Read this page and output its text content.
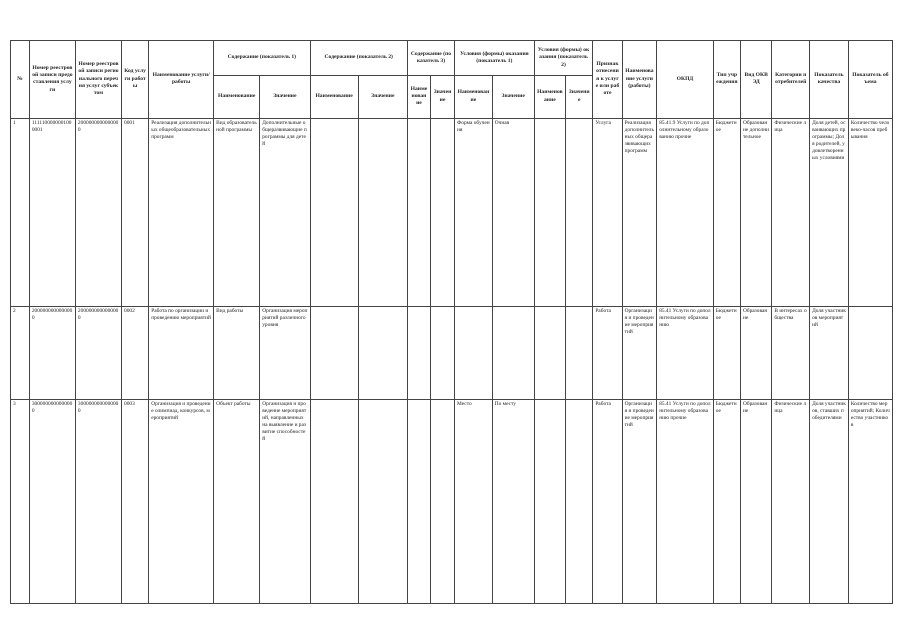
№	Номер реестровой записи предоставления услуги	Номер реестровой записи регионального перечня услуг субъектом	Код услуги работы	Наименование услуги/работы	Содержание (показатель 1)		Содержание (показатель 2)		Содержание (показатель 3)		Условия (формы) оказания (показатель 1)		Условия (формы) оказания (показатель 2)		Признак отнесения к услуге или работе	Наименование услуги (работы)	ОКПД	Тип учреждения	Вид ОКВЭД	Категории потребителей	Показатель качества	Показатель объема
					Наименование	Значение	Наименование	Значение	Наименование	Значение	Наименование	Значение	Наименование	Значение								
1	1111100000001000001	2000000000000000	0001	Реализация дополнительных общеобразовательных программ	Вид образовательной программы	Дополнительные общеразвивающие программы для детей					Форма обучения	Очная			Услуга	Реализация дополнительных общеразвивающих программ	85.41.9 Услуги по дополнительному образованию прочие	Бюджетное	Образование дополнительное	Физические лица	Доля детей, осваивающих программы; Доля родителей, удовлетворенных условиями	Количество человеко-часов пребывания
2	2000000000000000	2000000000000000	0002	Работа по организации и проведению мероприятий	Вид работы	Организация мероприятий различного уровня									Работа	Организация и проведение мероприятий	85.41 Услуги по дополнительному образованию	Бюджетное	Образование	В интересах общества	Доля участников мероприятий	
3	3000000000000000	3000000000000000	0003	Организация и проведение олимпиад, конкурсов, мероприятий	Объект работы	Организация и проведение мероприятий, направленных на выявление и развитие способностей					Место	По месту			Работа	Организация и проведение мероприятий	85.41 Услуги по дополнительному образованию прочие	Бюджетное	Образование	Физические лица	Доля участников, ставших победителями	Количество мероприятий; Количество участников
